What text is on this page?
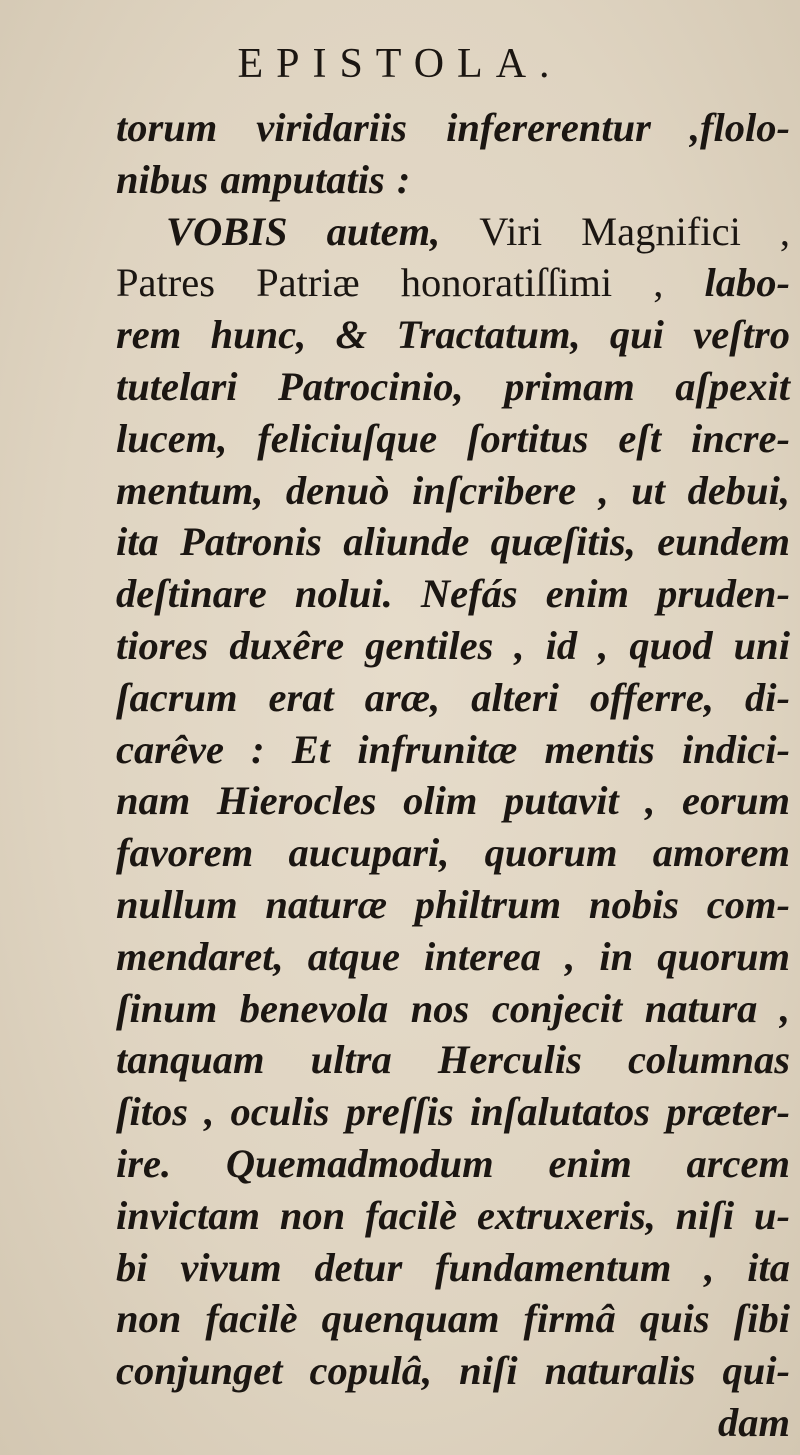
EPISTOLA.
torum viridariis infererentur ,flolo-
nibus amputatis :
VOBIS autem, Viri Magnifici ,
Patres Patriæ honoratiſſimi , labo-
rem hunc, & Tractatum, qui veſtro
tutelari Patrocinio, primam aſpexit
lucem, feliciuſque ſortitus eſt incre-
mentum, denuò inſcribere , ut debui,
ita Patronis aliunde quæſitis, eundem
deſtinare nolui. Nefás enim pruden-
tiores duxêre gentiles , id , quod uni
ſacrum erat aræ, alteri offerre, di-
carêve : Et infrunitæ mentis indici-
nam Hierocles olim putavit , eorum
favorem aucupari, quorum amorem
nullum naturæ philtrum nobis com-
mendaret, atque interea , in quorum
ſinum benevola nos conjecit natura ,
tanquam ultra Herculis columnas
ſitos , oculis preſſis inſalutatos præter-
ire. Quemadmodum enim arcem
invictam non facilè extruxeris, niſi u-
bi vivum detur fundamentum , ita
non facilè quenquam firmâ quis ſibi
conjunget copulâ, niſi naturalis qui-
dam
